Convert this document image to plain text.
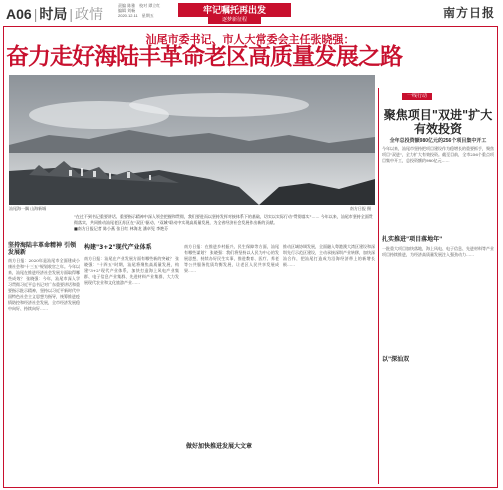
A06 | 时局 | 政情
责编 陈雅　校对 谭立红
编辑 刘畅
2020.12.11　星期五
牢记嘱托再出发
逐梦新征程	南方日报
汕尾市委书记、市人大常委会主任张晓强：
奋力走好海陆丰革命老区高质量发展之路
汕尾海一隅 山海新城	南方日报 摄
"在过不到书记重要讲话、重要指示精神中深入领会把握和贯彻，我们要进而以坚持发挥对接体系下的基础，切实以实际行动"贯彻落实"…… 今年以来，汕尾市坚持全面贯彻落实，共同推动汕尾老区苏区在"双区"驱动、"双城"联动中实现高质量发展，为全省经济社会发展作出新的贡献。
■南方日报记者 陈小燕 张日红 林海龙 潘卓见 李艳芬
坚持海陆丰革命精神 引领发展新
南方日报：2020年是汕尾市全面建成小康社会和"十三五"规划收官之年。今年以来，汕尾在推进经济社会发展方面取得哪些成效？ 张晓强：今年，汕尾市深入学习贯彻习近平总书记对广东重要讲话和重要指示批示精神，坚持以习近平新时代中国特色社会主义思想为指导，统筹推进疫情防控和经济社会发展，全市经济发展稳中向好、持续向好……
构建"3+2"现代产业体系
南方日报：汕尾在产业发展方面有哪些新的突破？ 张晓强："十四五"时期，汕尾将聚焦高质量发展，构建"3+2"现代产业体系，加快打造海上风电产业集群、电子信息产业集群、先进材料产业集群，大力发展现代农业和文化旅游产业……
南方日报：在推进乡村振兴、民生保障等方面，汕尾有哪些谋划？ 张晓强：我们将坚持以人民为中心的发展思想，持续办好民生实事，推进教育、医疗、养老等公共服务优质均衡发展，让老区人民共享发展成果……
做好加快推进发展大文章
推动区域协调发展，全面融入粤港澳大湾区建设和深圳先行示范区建设，主动承接深圳产业转移，加快深汕合作，把汕尾打造成为沿海经济带上的新增长极……
一线行动
聚焦项目"双进"扩大有效投资
全年总投资额980亿元的256个项目集中开工
今年以来，汕尾市坚持把项目建设作为稳增长的重要抓手，聚焦项目"双进"，全力扩大有效投资。截至目前，全市256个重点项目集中开工，总投资额约980亿元……
扎实推进"项目落地年"
一批重大项目加快落地，海上风电、电子信息、先进材料等产业项目持续推进，为经济高质量发展注入强劲动力……
以"深汕双
